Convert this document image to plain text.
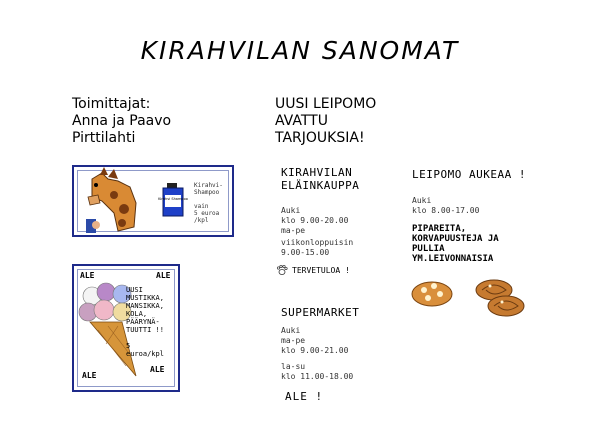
KIRAHVILAN SANOMAT
Toimittajat:
Anna ja Paavo
Pirttilahti
UUSI LEIPOMO
AVATTU
TARJOUKSIA!
Kirahvi Shampoo
Kirahvi-
Shampoo

vain
5 euroa
/kpl
ALE	ALE
UUSI
MUSTIKKA,
MANSIKKA,
KOLA,
PÄÄRYNÄ-
TUUTTI !!

5
euroa/kpl
ALE
ALE
KIRAHVILAN
ELÄINKAUPPA
Auki
klo 9.00-20.00
ma-pe
viikonloppuisin
9.00-15.00
TERVETULOA !
SUPERMARKET
Auki
ma-pe
klo 9.00-21.00
la-su
klo 11.00-18.00
ALE !
LEIPOMO AUKEAA !
Auki
klo 8.00-17.00
PIPAREITA,
KORVAPUUSTEJA JA
PULLIA
YM.LEIVONNAISIA
